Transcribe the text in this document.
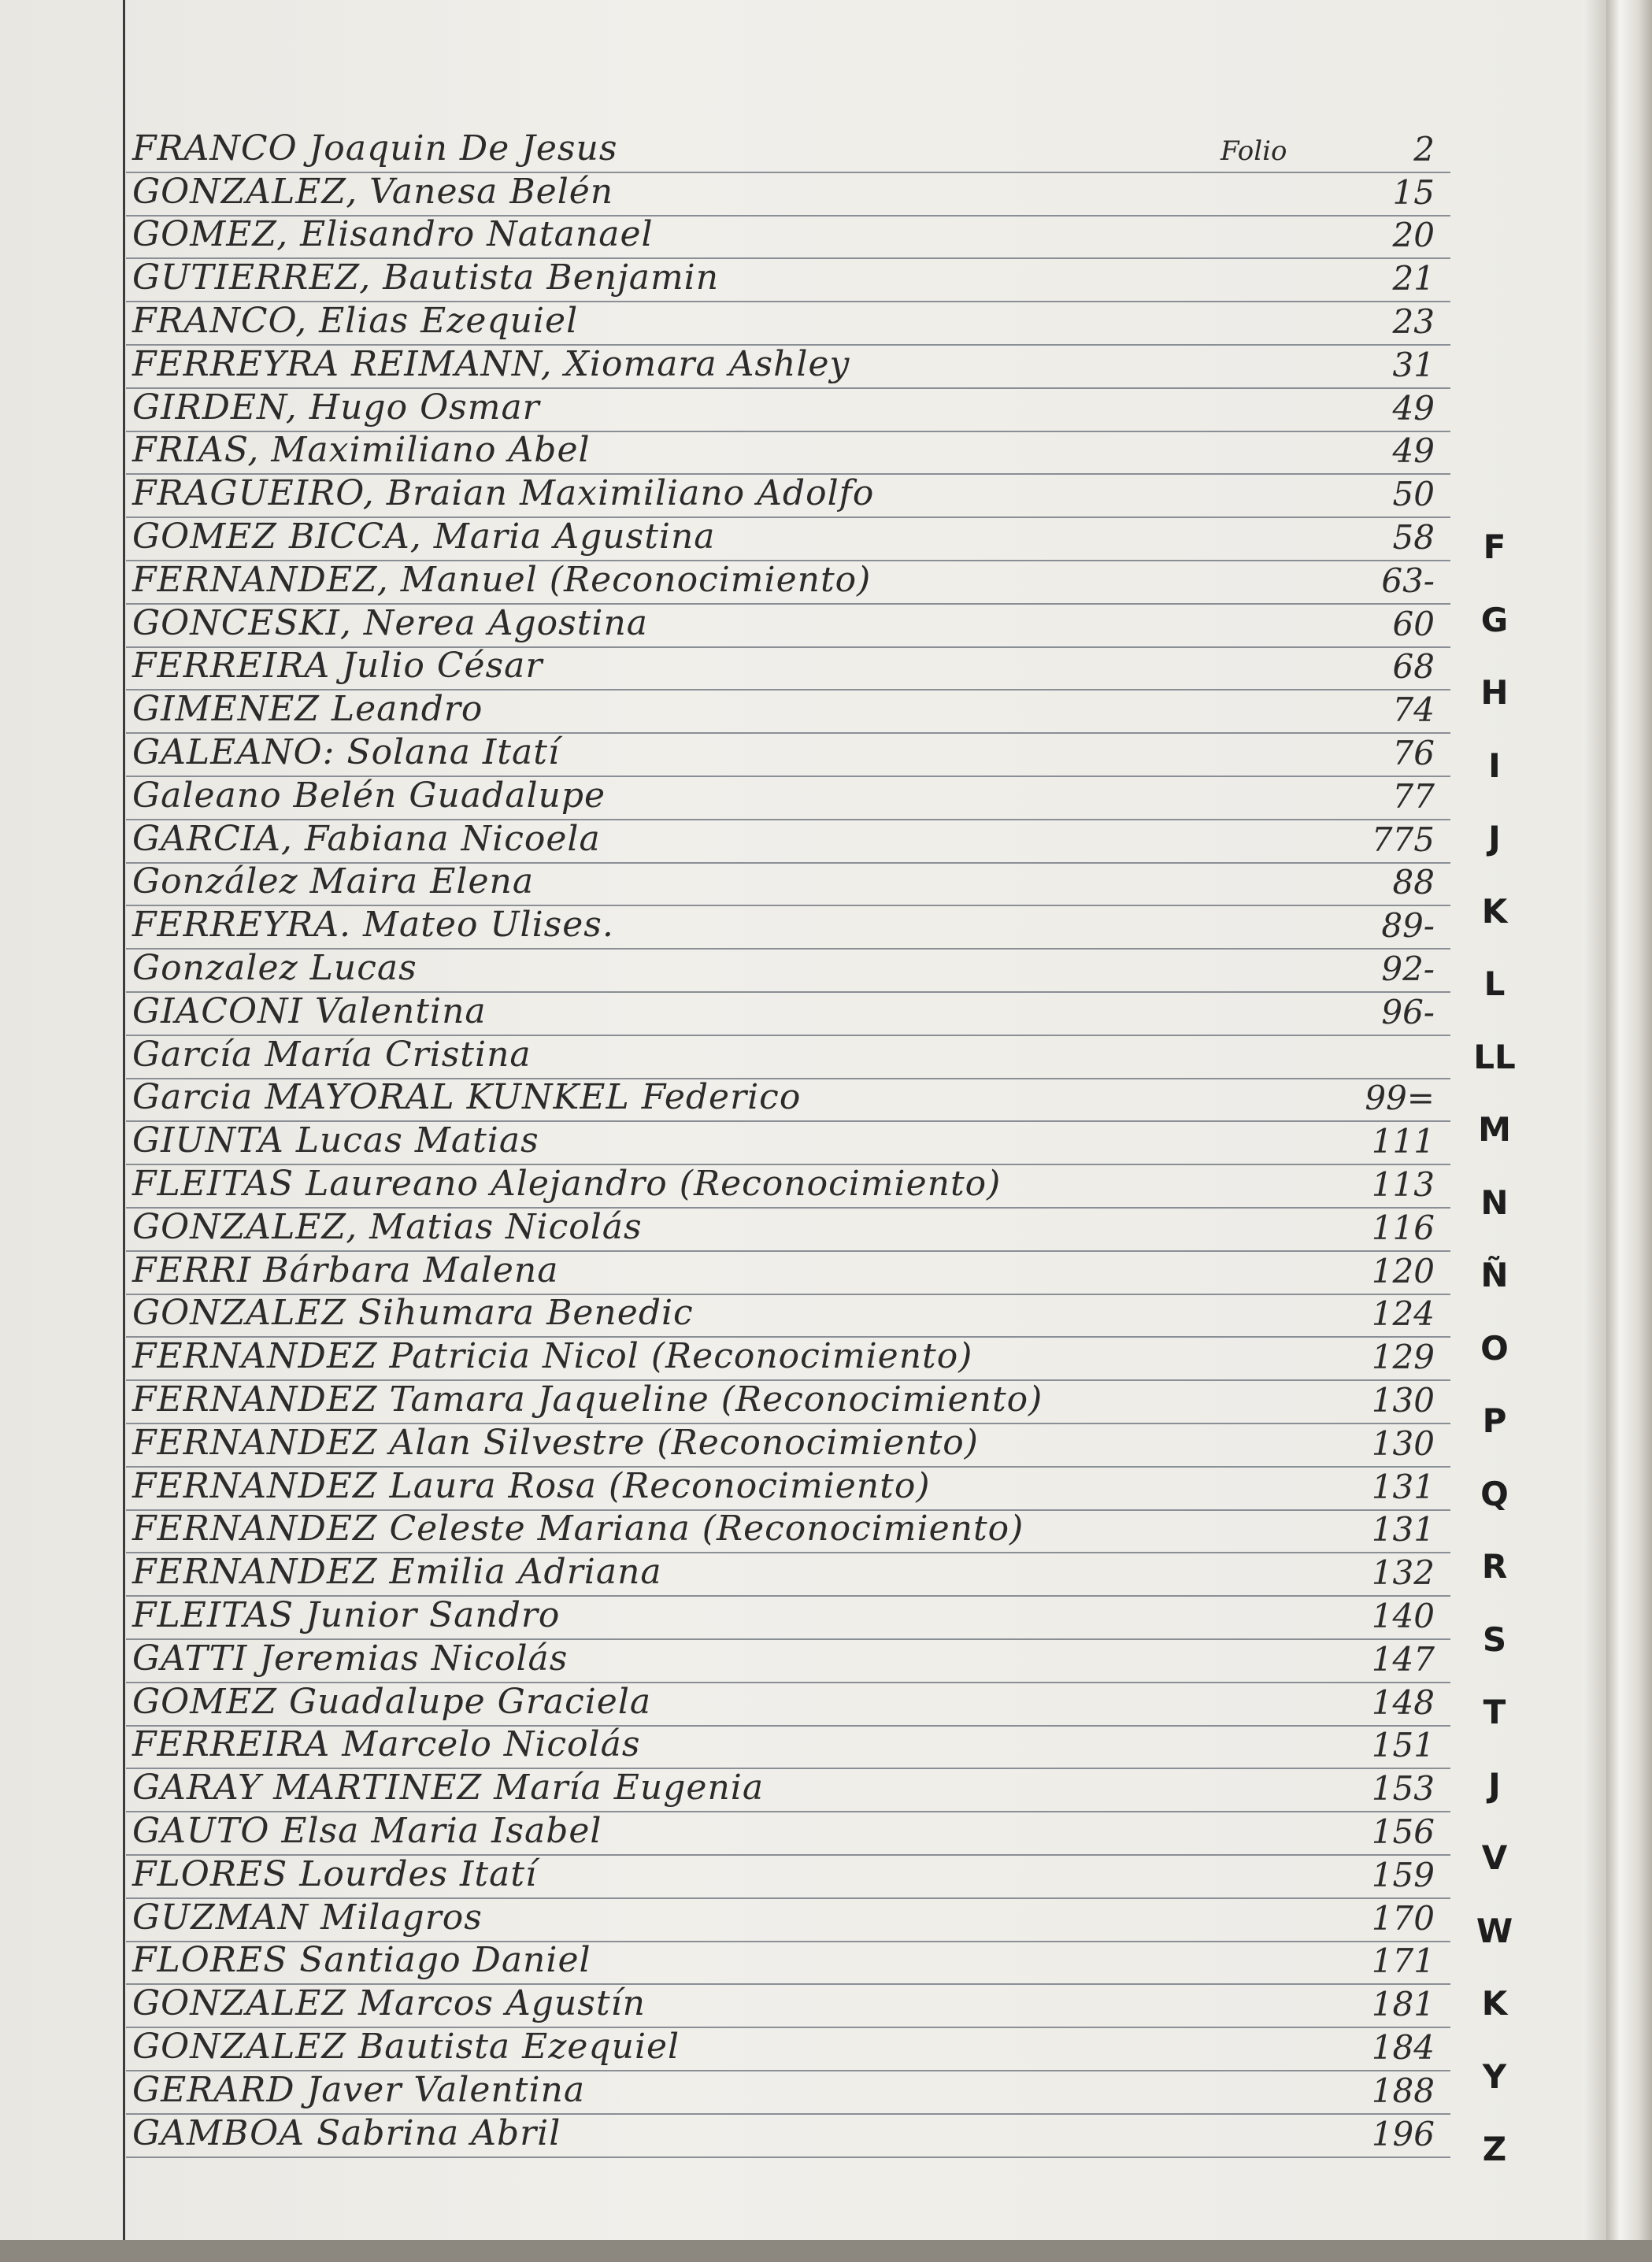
FRANCO Joaquin De Jesus	Folio	2
GONZALEZ, Vanesa Belén	15
GOMEZ, Elisandro Natanael	20
GUTIERREZ, Bautista Benjamin	21
FRANCO, Elias Ezequiel	23
FERREYRA REIMANN, Xiomara Ashley	31
GIRDEN, Hugo Osmar	49
FRIAS, Maximiliano Abel	49
FRAGUEIRO, Braian Maximiliano Adolfo	50
GOMEZ BICCA, Maria Agustina	58
FERNANDEZ, Manuel (Reconocimiento)	63-
GONCESKI, Nerea Agostina	60
FERREIRA Julio César	68
GIMENEZ Leandro	74
GALEANO: Solana Itatí	76
Galeano Belén Guadalupe	77
GARCIA, Fabiana Nicoela	775
González Maira Elena	88
FERREYRA. Mateo Ulises.	89-
Gonzalez Lucas	92-
GIACONI Valentina	96-
García María Cristina
Garcia MAYORAL KUNKEL Federico	99=
GIUNTA Lucas Matias	111
FLEITAS Laureano Alejandro (Reconocimiento)	113
GONZALEZ, Matias Nicolás	116
FERRI Bárbara Malena	120
GONZALEZ Sihumara Benedic	124
FERNANDEZ Patricia Nicol (Reconocimiento)	129
FERNANDEZ Tamara Jaqueline (Reconocimiento)	130
FERNANDEZ Alan Silvestre (Reconocimiento)	130
FERNANDEZ Laura Rosa (Reconocimiento)	131
FERNANDEZ Celeste Mariana (Reconocimiento)	131
FERNANDEZ Emilia Adriana	132
FLEITAS Junior Sandro	140
GATTI Jeremias Nicolás	147
GOMEZ Guadalupe Graciela	148
FERREIRA Marcelo Nicolás	151
GARAY MARTINEZ María Eugenia	153
GAUTO Elsa Maria Isabel	156
FLORES Lourdes Itatí	159
GUZMAN Milagros	170
FLORES Santiago Daniel	171
GONZALEZ Marcos Agustín	181
GONZALEZ Bautista Ezequiel	184
GERARD Javer Valentina	188
GAMBOA Sabrina Abril	196
F
G
H
I
J
K
L
LL
M
N
Ñ
O
P
Q
R
S
T
J
V
W
K
Y
Z
